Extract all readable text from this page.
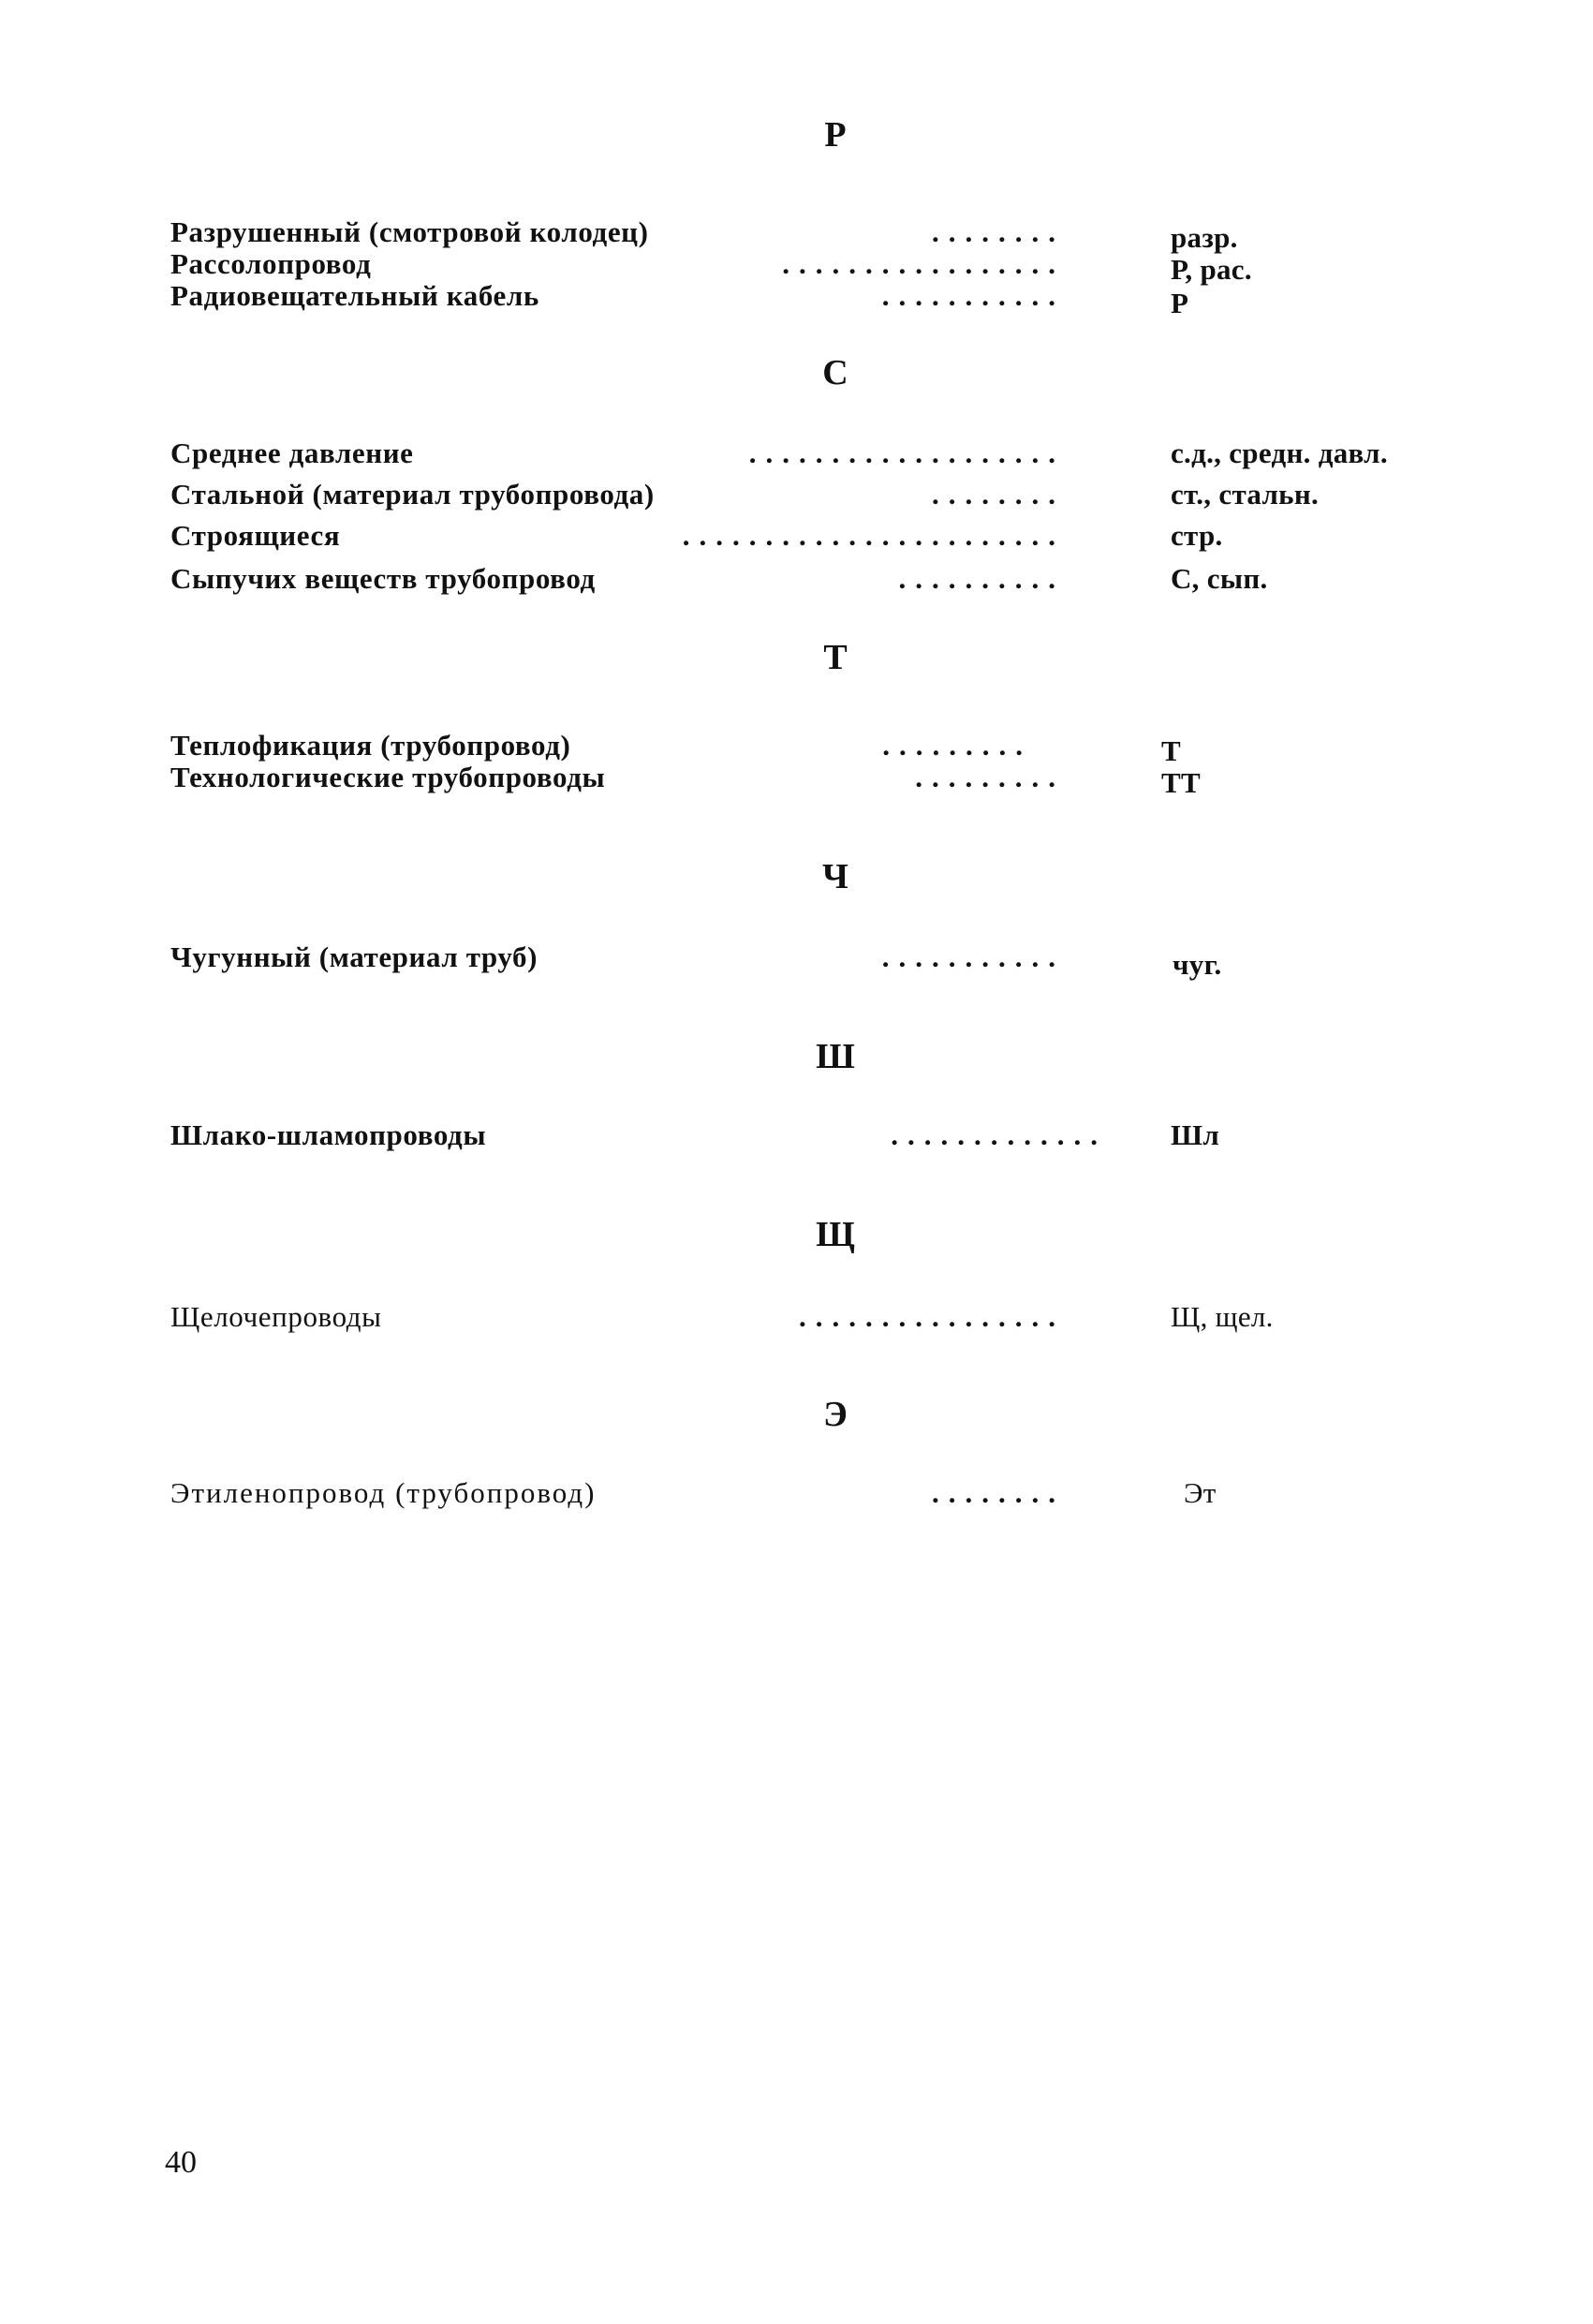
Р
Разрушенный (смотровой колодец)	........	разр.
Рассолопровод	.................	Р, рас.
Радиовещательный кабель	...........	Р
С
Среднее давление	...................	с.д., средн. давл.
Стальной (материал трубопровода)	........	ст., стальн.
Строящиеся	.......................	стр.
Сыпучих веществ трубопровод	..........	С, сып.
Т
Теплофикация (трубопровод)	.........	Т
Технологические трубопроводы	.........	ТТ
Ч
Чугунный (материал труб)	...........	чуг.
Ш
Шлако-шламопроводы	............. Шл
Щ
Щелочепроводы	................	Щ, щел.
Э
Этиленопровод (трубопровод)	........	Эт
40
